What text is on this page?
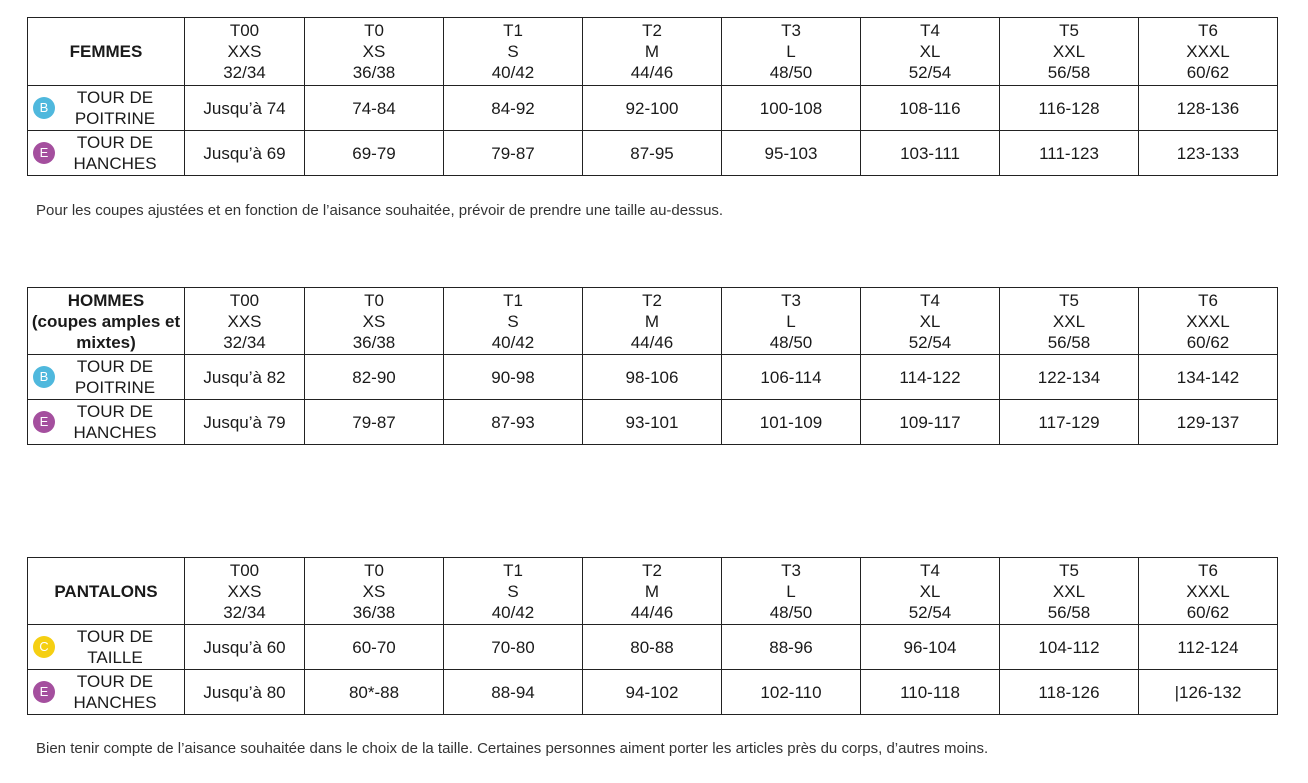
FEMMES	T00
XXS
32/34	T0
XS
36/38	T1
S
40/42	T2
M
44/46	T3
L
48/50	T4
XL
52/54	T5
XXL
56/58	T6
XXXL
60/62

B
TOUR DE
POITRINE	Jusqu’à 74	74-84	84-92	92-100	100-108	108-116	116-128	128-136

E
TOUR DE
HANCHES	Jusqu’à 69	69-79	79-87	87-95	95-103	103-111	111-123	123-133
Pour les coupes ajustées et en fonction de l’aisance souhaitée, prévoir de prendre une taille au-dessus.
HOMMES
(coupes amples et
mixtes)	T00
XXS
32/34	T0
XS
36/38	T1
S
40/42	T2
M
44/46	T3
L
48/50	T4
XL
52/54	T5
XXL
56/58	T6
XXXL
60/62

B
TOUR DE
POITRINE	Jusqu’à 82	82-90	90-98	98-106	106-114	114-122	122-134	134-142

E
TOUR DE
HANCHES	Jusqu’à 79	79-87	87-93	93-101	101-109	109-117	117-129	129-137
PANTALONS	T00
XXS
32/34	T0
XS
36/38	T1
S
40/42	T2
M
44/46	T3
L
48/50	T4
XL
52/54	T5
XXL
56/58	T6
XXXL
60/62

C
TOUR DE
TAILLE	Jusqu’à 60	60-70	70-80	80-88	88-96	96-104	104-112	112-124

E
TOUR DE
HANCHES	Jusqu’à 80	80*-88	88-94	94-102	102-110	110-118	118-126	|126-132
Bien tenir compte de l’aisance souhaitée dans le choix de la taille. Certaines personnes aiment porter les articles près du corps, d’autres moins.
